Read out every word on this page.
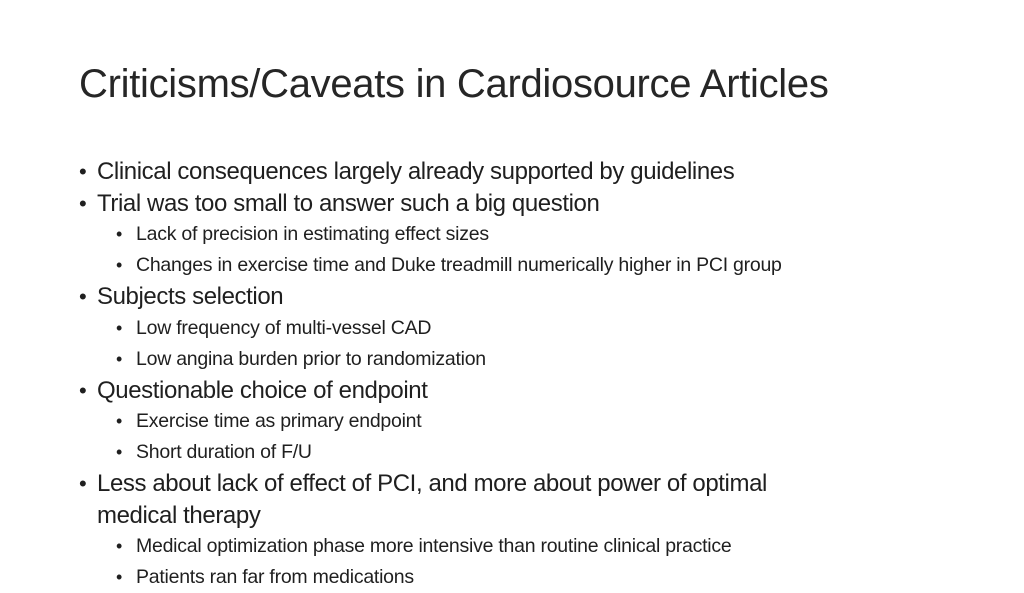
Criticisms/Caveats in Cardiosource Articles
• Clinical consequences largely already supported by guidelines
• Trial was too small to answer such a big question
• Lack of precision in estimating effect sizes
• Changes in exercise time and Duke treadmill numerically higher in PCI group
• Subjects selection
• Low frequency of multi-vessel CAD
• Low angina burden prior to randomization
• Questionable choice of endpoint
• Exercise time as primary endpoint
• Short duration of F/U
• Less about lack of effect of PCI, and more about power of optimal
medical therapy
• Medical optimization phase more intensive than routine clinical practice
• Patients ran far from medications
